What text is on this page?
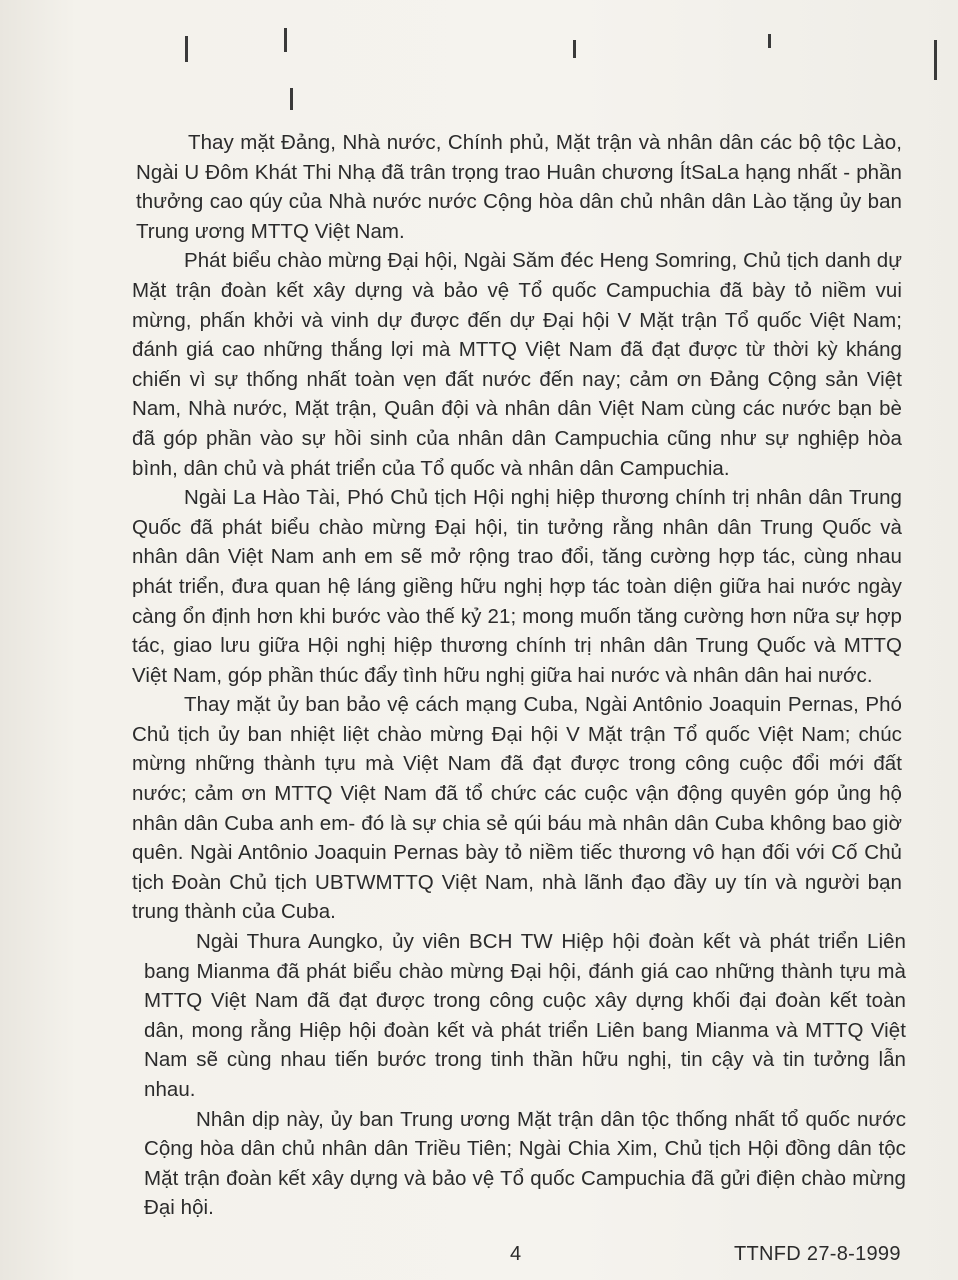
Thay mặt Đảng, Nhà nước, Chính phủ, Mặt trận và nhân dân các bộ tộc Lào, Ngài U Đôm Khát Thi Nhạ đã trân trọng trao Huân chương ÍtSaLa hạng nhất - phần thưởng cao qúy của Nhà nước nước Cộng hòa dân chủ nhân dân Lào tặng ủy ban Trung ương MTTQ Việt Nam.

Phát biểu chào mừng Đại hội, Ngài Săm đéc Heng Somring, Chủ tịch danh dự Mặt trận đoàn kết xây dựng và bảo vệ Tổ quốc Campuchia đã bày tỏ niềm vui mừng, phấn khởi và vinh dự được đến dự Đại hội V Mặt trận Tổ quốc Việt Nam; đánh giá cao những thắng lợi mà MTTQ Việt Nam đã đạt được từ thời kỳ kháng chiến vì sự thống nhất toàn vẹn đất nước đến nay; cảm ơn Đảng Cộng sản Việt Nam, Nhà nước, Mặt trận, Quân đội và nhân dân Việt Nam cùng các nước bạn bè đã góp phần vào sự hồi sinh của nhân dân Campuchia cũng như sự nghiệp hòa bình, dân chủ và phát triển của Tổ quốc và nhân dân Campuchia.

Ngài La Hào Tài, Phó Chủ tịch Hội nghị hiệp thương chính trị nhân dân Trung Quốc đã phát biểu chào mừng Đại hội, tin tưởng rằng nhân dân Trung Quốc và nhân dân Việt Nam anh em sẽ mở rộng trao đổi, tăng cường hợp tác, cùng nhau phát triển, đưa quan hệ láng giềng hữu nghị hợp tác toàn diện giữa hai nước ngày càng ổn định hơn khi bước vào thế kỷ 21; mong muốn tăng cường hơn nữa sự hợp tác, giao lưu giữa Hội nghị hiệp thương chính trị nhân dân Trung Quốc và MTTQ Việt Nam, góp phần thúc đẩy tình hữu nghị giữa hai nước và nhân dân hai nước.

Thay mặt ủy ban bảo vệ cách mạng Cuba, Ngài Antônio Joaquin Pernas, Phó Chủ tịch ủy ban nhiệt liệt chào mừng Đại hội V Mặt trận Tổ quốc Việt Nam; chúc mừng những thành tựu mà Việt Nam đã đạt được trong công cuộc đổi mới đất nước; cảm ơn MTTQ Việt Nam đã tổ chức các cuộc vận động quyên góp ủng hộ nhân dân Cuba anh em- đó là sự chia sẻ qúi báu mà nhân dân Cuba không bao giờ quên. Ngài Antônio Joaquin Pernas bày tỏ niềm tiếc thương vô hạn đối với Cố Chủ tịch Đoàn Chủ tịch UBTWMTTQ Việt Nam, nhà lãnh đạo đầy uy tín và người bạn trung thành của Cuba.

Ngài Thura Aungko, ủy viên BCH TW Hiệp hội đoàn kết và phát triển Liên bang Mianma đã phát biểu chào mừng Đại hội, đánh giá cao những thành tựu mà MTTQ Việt Nam đã đạt được trong công cuộc xây dựng khối đại đoàn kết toàn dân, mong rằng Hiệp hội đoàn kết và phát triển Liên bang Mianma và MTTQ Việt Nam sẽ cùng nhau tiến bước trong tinh thần hữu nghị, tin cậy và tin tưởng lẫn nhau.

Nhân dịp này, ủy ban Trung ương Mặt trận dân tộc thống nhất tổ quốc nước Cộng hòa dân chủ nhân dân Triều Tiên; Ngài Chia Xim, Chủ tịch Hội đồng dân tộc Mặt trận đoàn kết xây dựng và bảo vệ Tổ quốc Campuchia đã gửi điện chào mừng Đại hội.

4	TTNFD 27-8-1999
